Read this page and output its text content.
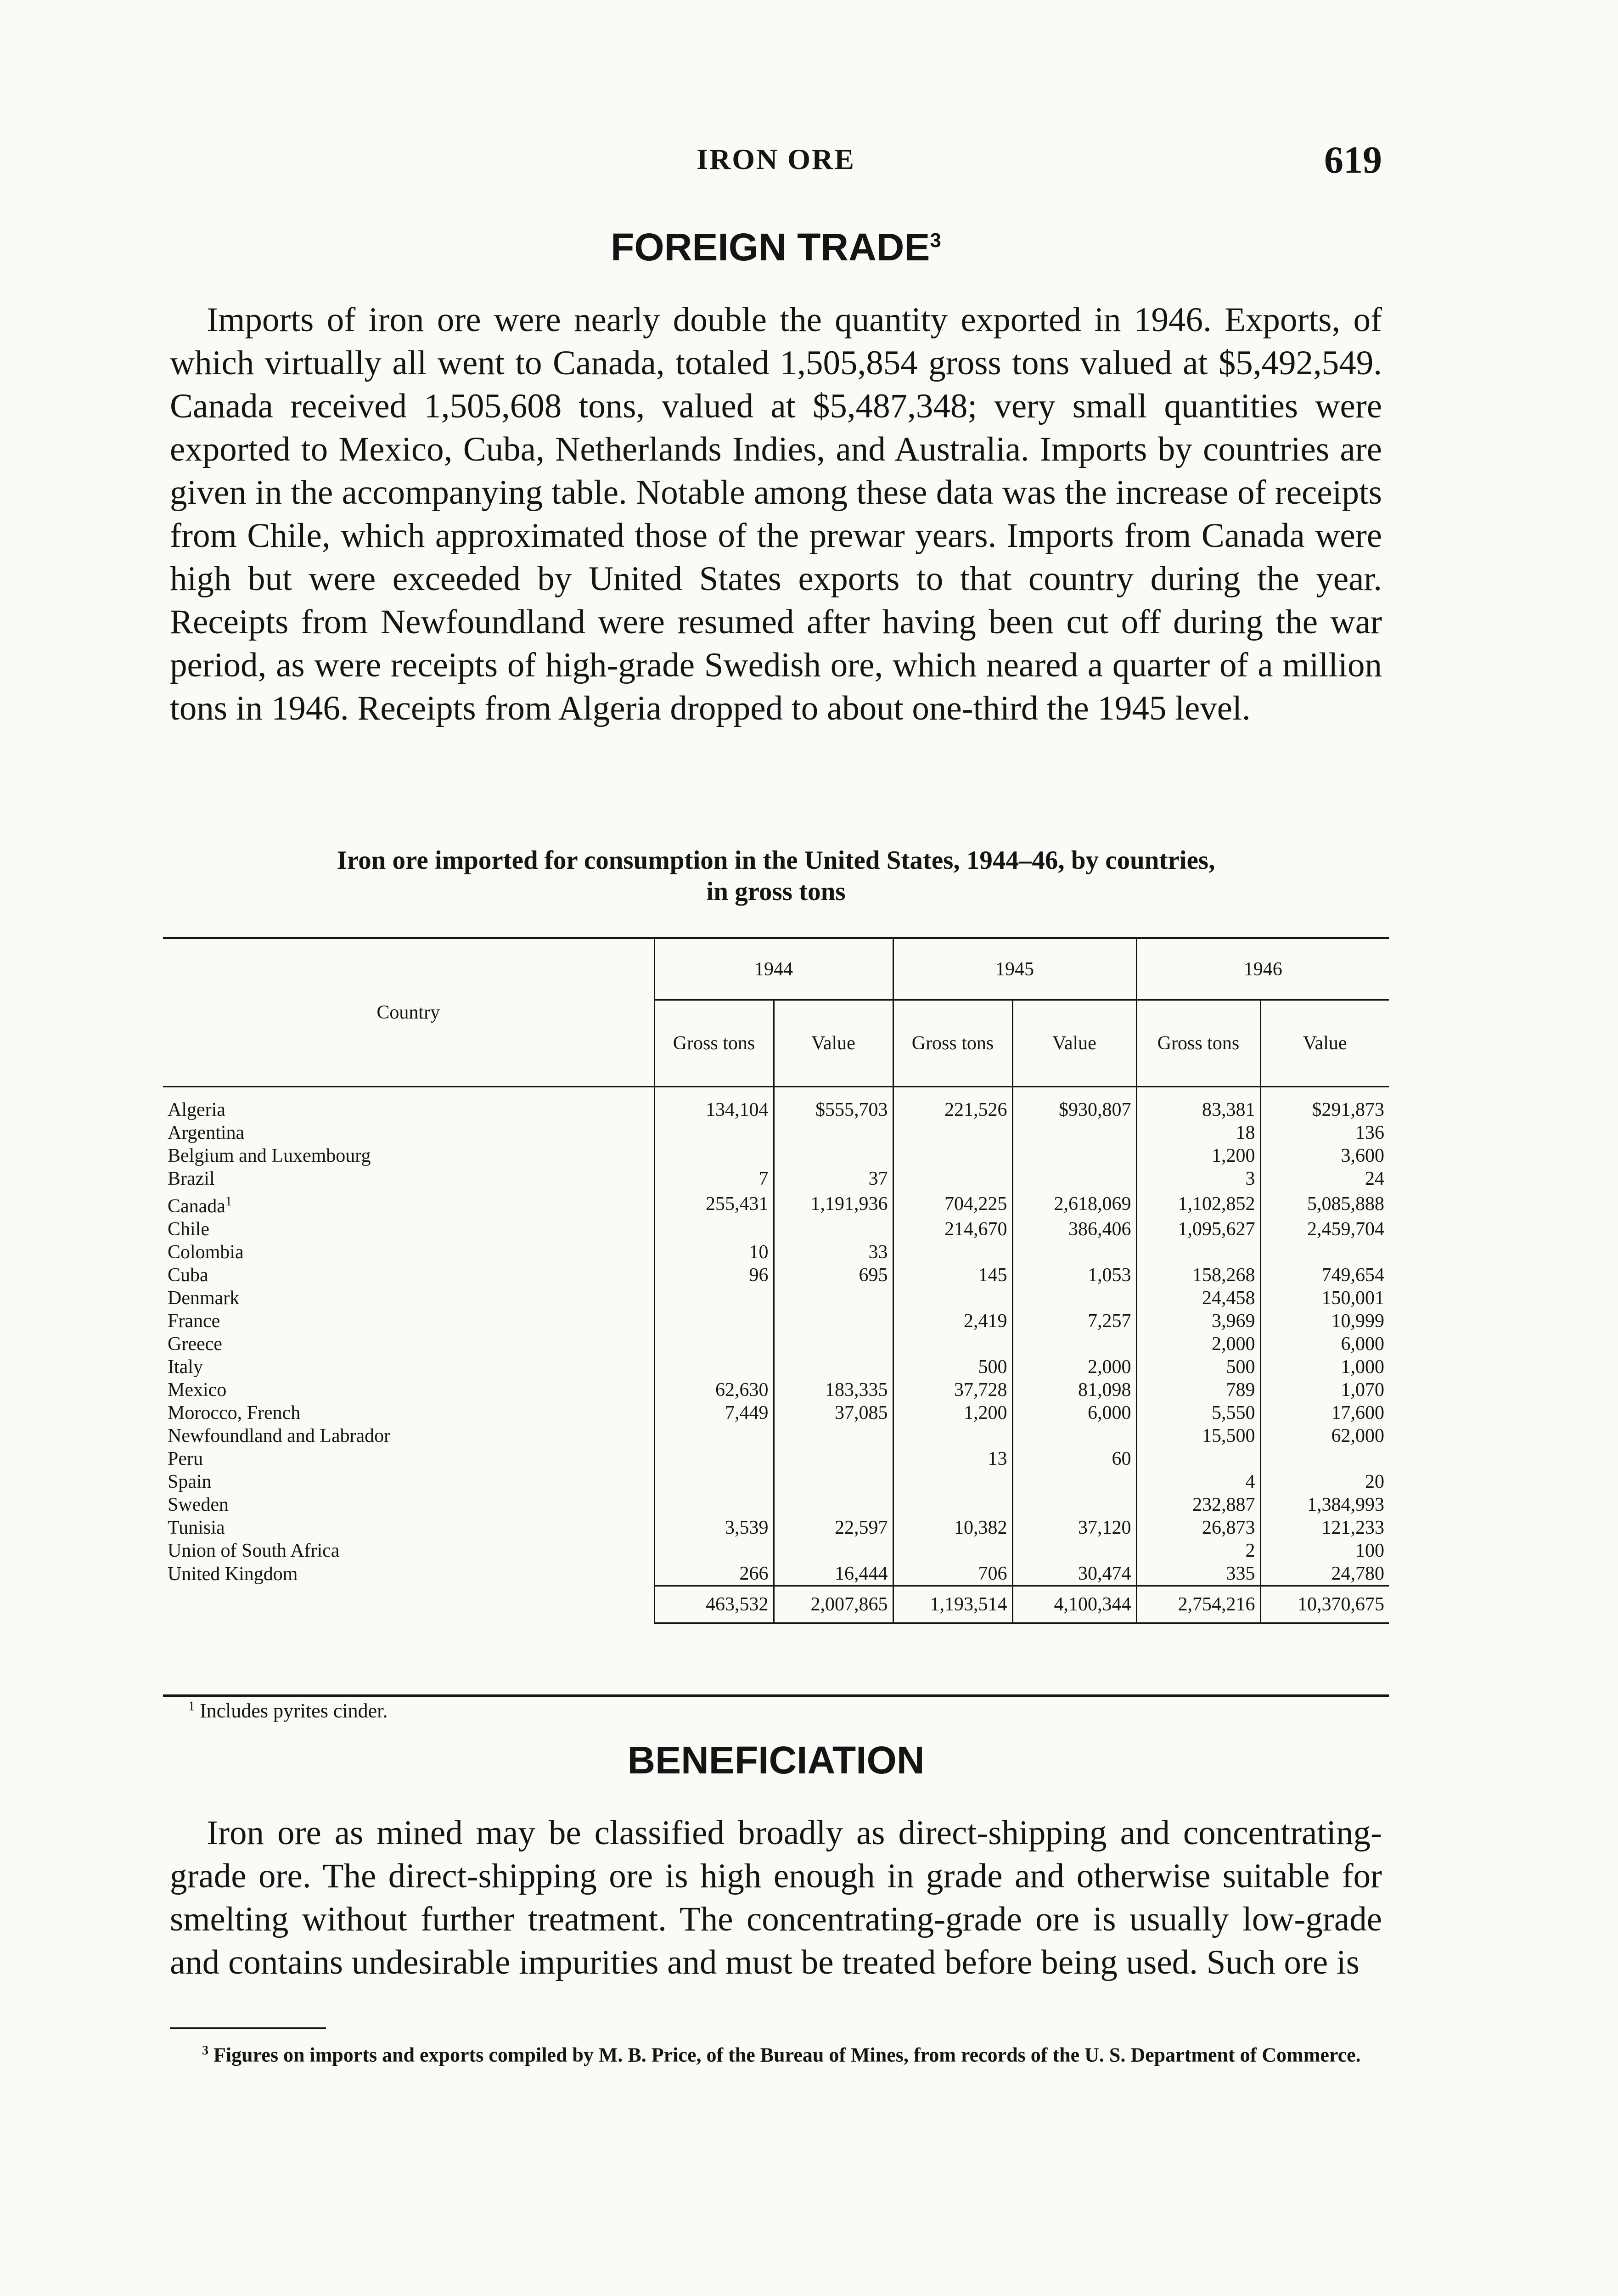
IRON ORE	619
FOREIGN TRADE$^3$

Imports of iron ore were nearly double the quantity exported in 1946. Exports, of which virtually all went to Canada, totaled 1,505,854 gross tons valued at $5,492,549. Canada received 1,505,608 tons, valued at $5,487,348; very small quantities were exported to Mexico, Cuba, Netherlands Indies, and Australia. Imports by countries are given in the accompanying table. Notable among these data was the increase of receipts from Chile, which approximated those of the prewar years. Imports from Canada were high but were exceeded by United States exports to that country during the year. Receipts from Newfoundland were resumed after having been cut off during the war period, as were receipts of high-grade Swedish ore, which neared a quarter of a million tons in 1946. Receipts from Algeria dropped to about one-third the 1945 level.

Iron ore imported for consumption in the United States, 1944–46, by countries,
in gross tons
Country	1944		1945		1946	
	Gross tons	Value	Gross tons	Value	Gross tons	Value
Algeria	134,104	$555,703	221,526	$930,807	83,381	$291,873
Argentina					18	136
Belgium and Luxembourg					1,200	3,600
Brazil	7	37			3	24
Canada$^1$	255,431	1,191,936	704,225	2,618,069	1,102,852	5,085,888
Chile			214,670	386,406	1,095,627	2,459,704
Colombia	10	33				
Cuba	96	695	145	1,053	158,268	749,654
Denmark					24,458	150,001
France			2,419	7,257	3,969	10,999
Greece					2,000	6,000
Italy			500	2,000	500	1,000
Mexico	62,630	183,335	37,728	81,098	789	1,070
Morocco, French	7,449	37,085	1,200	6,000	5,550	17,600
Newfoundland and Labrador					15,500	62,000
Peru			13	60		
Spain					4	20
Sweden					232,887	1,384,993
Tunisia	3,539	22,597	10,382	37,120	26,873	121,233
Union of South Africa					2	100
United Kingdom	266	16,444	706	30,474	335	24,780
	463,532	2,007,865	1,193,514	4,100,344	2,754,216	10,370,675
$^1$ Includes pyrites cinder.
BENEFICIATION

Iron ore as mined may be classified broadly as direct-shipping and concentrating-grade ore. The direct-shipping ore is high enough in grade and otherwise suitable for smelting without further treatment. The concentrating-grade ore is usually low-grade and contains undesirable impurities and must be treated before being used. Such ore is

$^3$ Figures on imports and exports compiled by M. B. Price, of the Bureau of Mines, from records of the U. S. Department of Commerce.
